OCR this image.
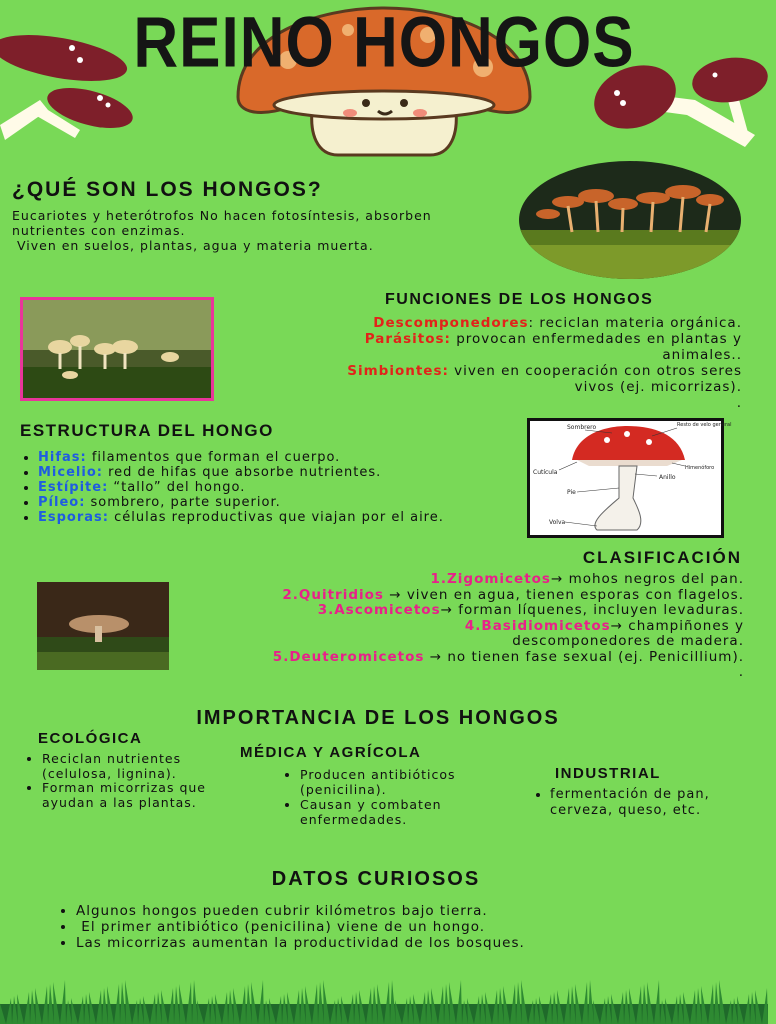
REINO HONGOS
¿QUÉ SON LOS HONGOS?
Eucariotes y heterótrofos No hacen fotosíntesis, absorben nutrientes con enzimas.
Viven en suelos, plantas, agua y materia muerta.
FUNCIONES DE LOS HONGOS
Descomponedores: reciclan materia orgánica.
Parásitos: provocan enfermedades en plantas y animales..
Simbiontes: viven en cooperación con otros seres vivos (ej. micorrizas).
.
ESTRUCTURA DEL HONGO
• Hifas: filamentos que forman el cuerpo.
• Micelio: red de hifas que absorbe nutrientes.
• Estípite: “tallo” del hongo.
• Píleo: sombrero, parte superior.
• Esporas: células reproductivas que viajan por el aire.
Sombrero	Resto de velo general
Cutícula
Himenóforo
Anillo
Pie
Volva
CLASIFICACIÓN
1.Zigomicetos→ mohos negros del pan.
2.Quitridios → viven en agua, tienen esporas con flagelos.
3.Ascomicetos→ forman líquenes, incluyen levaduras.
4.Basidiomicetos→ champiñones y descomponedores de madera.
5.Deuteromicetos → no tienen fase sexual (ej. Penicillium).
.
IMPORTANCIA DE LOS HONGOS
ECOLÓGICA
• Reciclan nutrientes (celulosa, lignina).
• Forman micorrizas que ayudan a las plantas.
MÉDICA Y AGRÍCOLA
• Producen antibióticos (penicilina).
• Causan y combaten enfermedades.
INDUSTRIAL
• fermentación de pan, cerveza, queso, etc.
DATOS CURIOSOS
• Algunos hongos pueden cubrir kilómetros bajo tierra.
•  El primer antibiótico (penicilina) viene de un hongo.
• Las micorrizas aumentan la productividad de los bosques.
